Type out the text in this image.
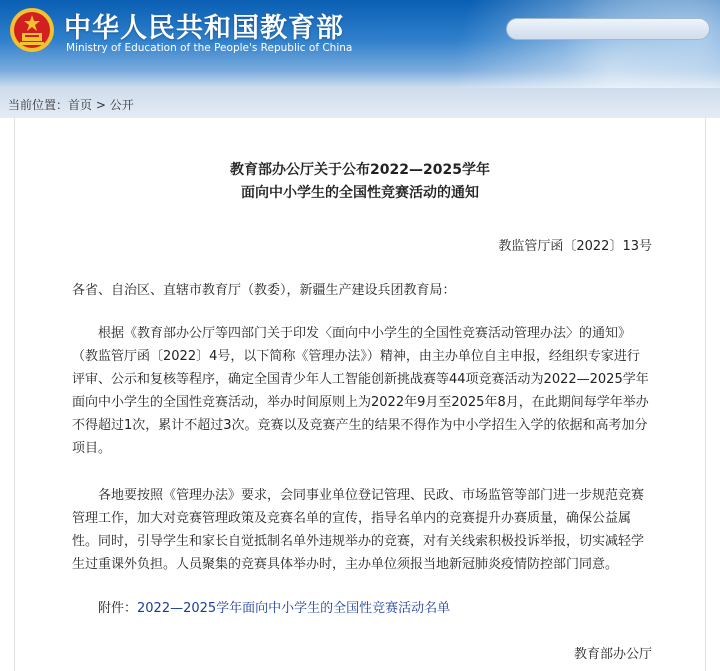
中华人民共和国教育部
Ministry of Education of the People's Republic of China
当前位置：首页 > 公开
教育部办公厅关于公布2022—2025学年
面向中小学生的全国性竞赛活动的通知
教监管厅函〔2022〕13号
各省、自治区、直辖市教育厅（教委），新疆生产建设兵团教育局：
根据《教育部办公厅等四部门关于印发〈面向中小学生的全国性竞赛活动管理办法〉的通知》
（教监管厅函〔2022〕4号，以下简称《管理办法》）精神，由主办单位自主申报，经组织专家进行
评审、公示和复核等程序，确定全国青少年人工智能创新挑战赛等44项竞赛活动为2022—2025学年
面向中小学生的全国性竞赛活动，举办时间原则上为2022年9月至2025年8月，在此期间每学年举办
不得超过1次，累计不超过3次。竞赛以及竞赛产生的结果不得作为中小学招生入学的依据和高考加分
项目。
各地要按照《管理办法》要求，会同事业单位登记管理、民政、市场监管等部门进一步规范竞赛
管理工作，加大对竞赛管理政策及竞赛名单的宣传，指导名单内的竞赛提升办赛质量，确保公益属
性。同时，引导学生和家长自觉抵制名单外违规举办的竞赛，对有关线索积极投诉举报，切实减轻学
生过重课外负担。人员聚集的竞赛具体举办时，主办单位须报当地新冠肺炎疫情防控部门同意。
附件：2022—2025学年面向中小学生的全国性竞赛活动名单
教育部办公厅
